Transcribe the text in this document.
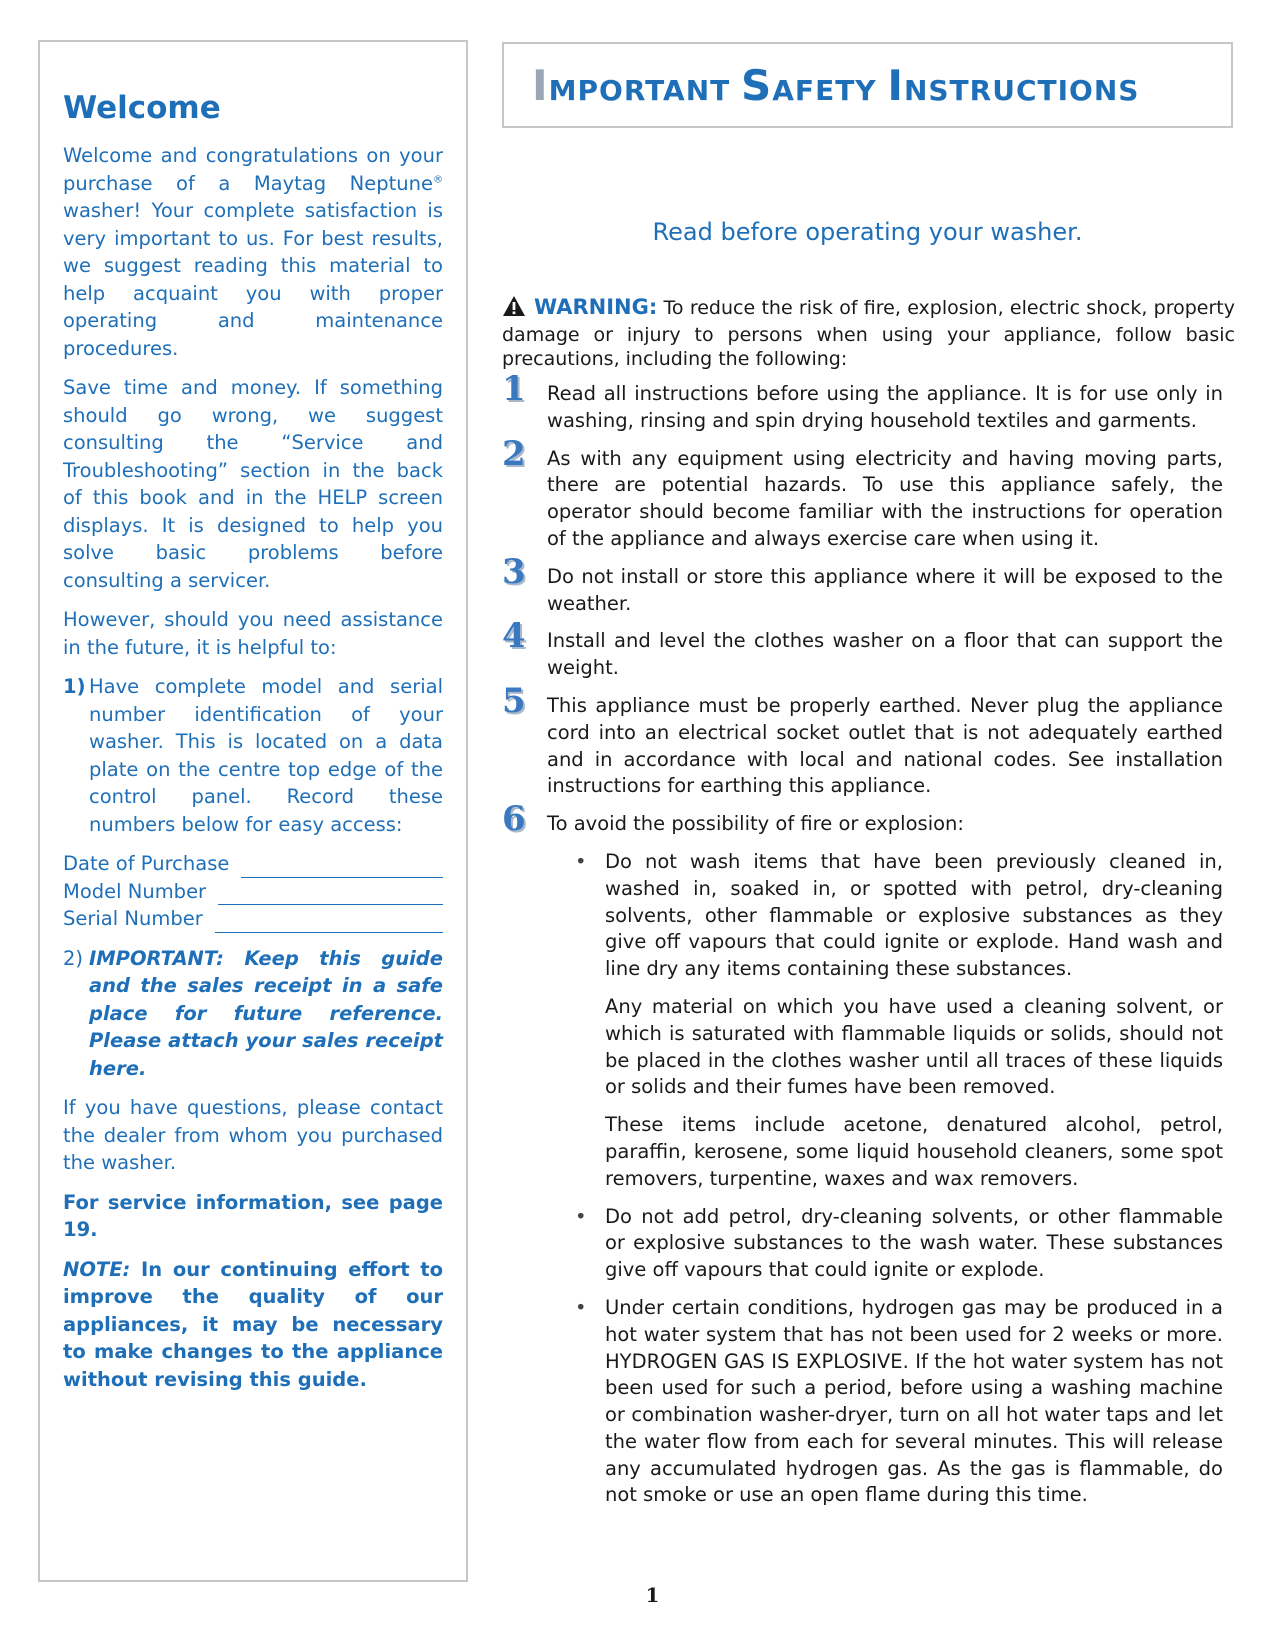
Welcome

Welcome and congratulations on your purchase of a Maytag Neptune® washer! Your complete satisfaction is very important to us. For best results, we suggest reading this material to help acquaint you with proper operating and maintenance procedures.

Save time and money. If something should go wrong, we suggest consulting the “Service and Troubleshooting” section in the back of this book and in the HELP screen displays. It is designed to help you solve basic problems before consulting a servicer.

However, should you need assistance in the future, it is helpful to:

1) Have complete model and serial number identification of your washer. This is located on a data plate on the centre top edge of the control panel. Record these numbers below for easy access:
Date of Purchase
Model Number
Serial Number
2) IMPORTANT: Keep this guide and the sales receipt in a safe place for future reference. Please attach your sales receipt here.

If you have questions, please contact the dealer from whom you purchased the washer.

For service information, see page 19.

NOTE: In our continuing effort to improve the quality of our appliances, it may be necessary to make changes to the appliance without revising this guide.

IMPORTANT SAFETY INSTRUCTIONS
Read before operating your washer.

WARNING: To reduce the risk of fire, explosion, electric shock, property damage or injury to persons when using your appliance, follow basic precautions, including the following:

1	Read all instructions before using the appliance. It is for use only in washing, rinsing and spin drying household textiles and garments.
2	As with any equipment using electricity and having moving parts, there are potential hazards. To use this appliance safely, the operator should become familiar with the instructions for operation of the appliance and always exercise care when using it.
3	Do not install or store this appliance where it will be exposed to the weather.
4	Install and level the clothes washer on a floor that can support the weight.
5	This appliance must be properly earthed. Never plug the appliance cord into an electrical socket outlet that is not adequately earthed and in accordance with local and national codes. See installation instructions for earthing this appliance.
6	To avoid the possibility of fire or explosion:
• Do not wash items that have been previously cleaned in, washed in, soaked in, or spotted with petrol, dry-cleaning solvents, other flammable or explosive substances as they give off vapours that could ignite or explode. Hand wash and line dry any items containing these substances.

Any material on which you have used a cleaning solvent, or which is saturated with flammable liquids or solids, should not be placed in the clothes washer until all traces of these liquids or solids and their fumes have been removed.

These items include acetone, denatured alcohol, petrol, paraffin, kerosene, some liquid household cleaners, some spot removers, turpentine, waxes and wax removers.

• Do not add petrol, dry-cleaning solvents, or other flammable or explosive substances to the wash water. These substances give off vapours that could ignite or explode.
• Under certain conditions, hydrogen gas may be produced in a hot water system that has not been used for 2 weeks or more. HYDROGEN GAS IS EXPLOSIVE. If the hot water system has not been used for such a period, before using a washing machine or combination washer-dryer, turn on all hot water taps and let the water flow from each for several minutes. This will release any accumulated hydrogen gas. As the gas is flammable, do not smoke or use an open flame during this time.
1
